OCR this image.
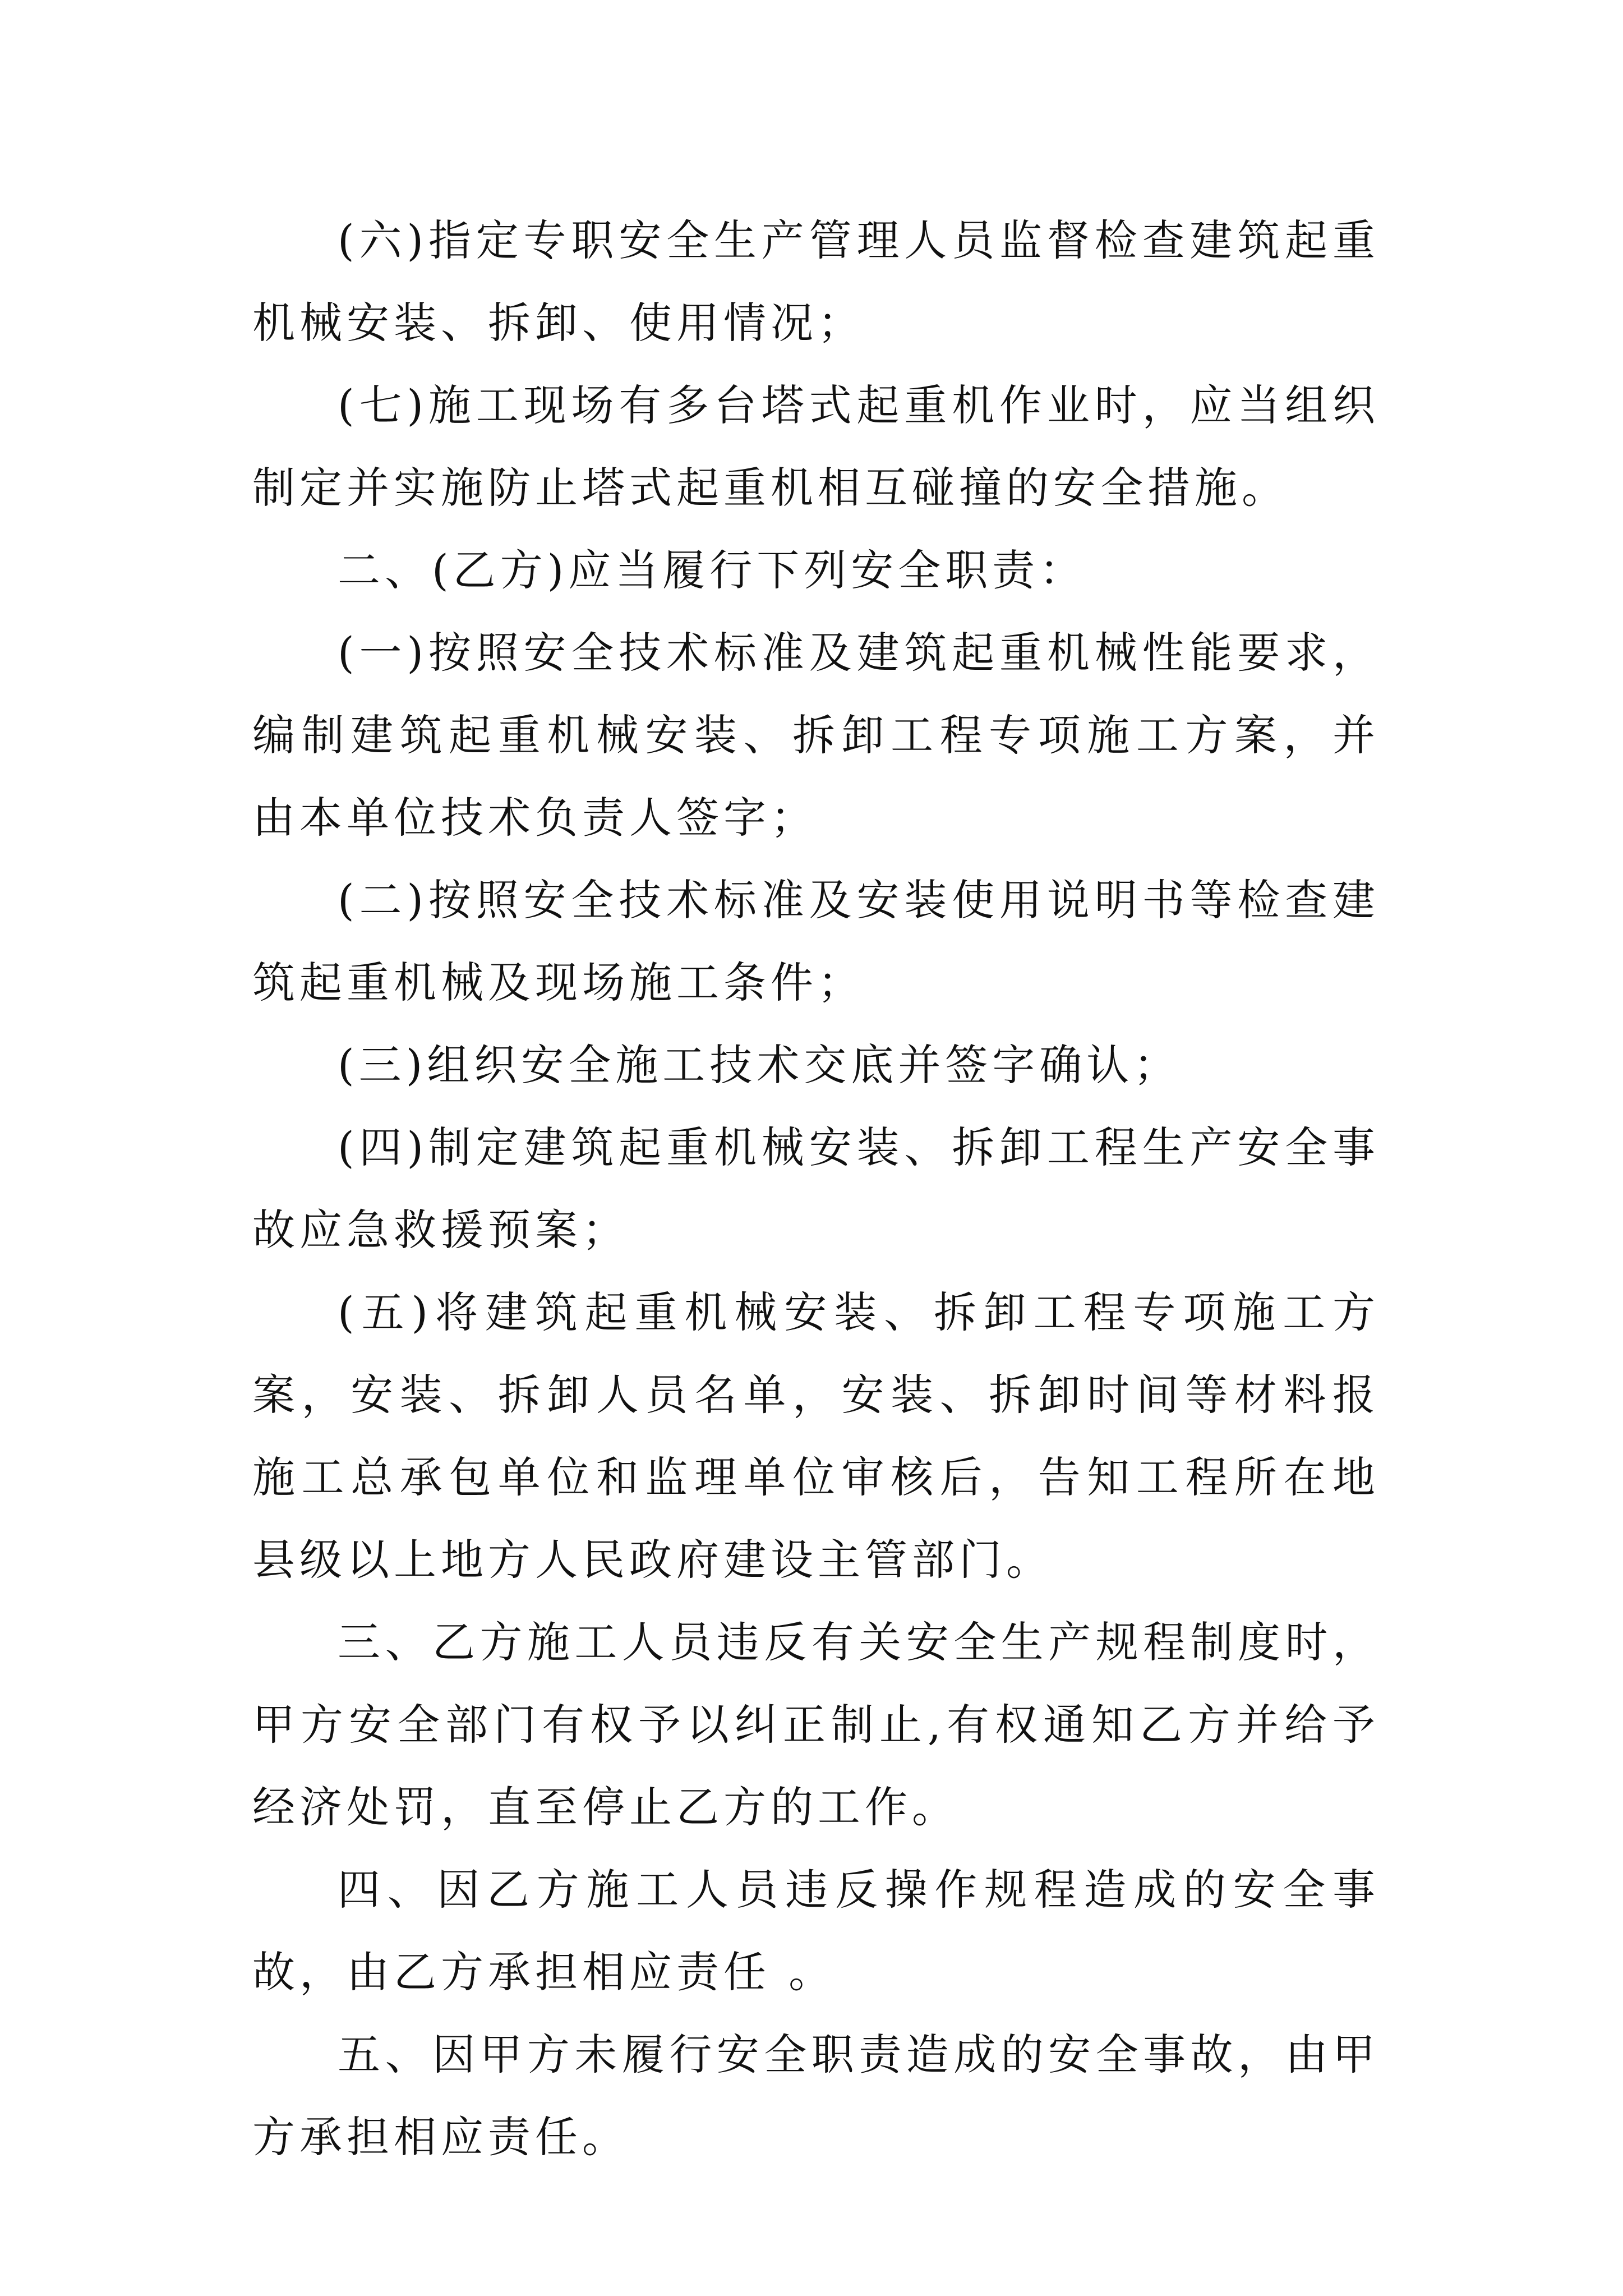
(六)指定专职安全生产管理人员监督检查建筑起重机械安装、拆卸、使用情况；

(七)施工现场有多台塔式起重机作业时，应当组织制定并实施防止塔式起重机相互碰撞的安全措施。

二、(乙方)应当履行下列安全职责：

(一)按照安全技术标准及建筑起重机械性能要求，编制建筑起重机械安装、拆卸工程专项施工方案，并由本单位技术负责人签字；

(二)按照安全技术标准及安装使用说明书等检查建筑起重机械及现场施工条件；

(三)组织安全施工技术交底并签字确认；

(四)制定建筑起重机械安装、拆卸工程生产安全事故应急救援预案；

(五)将建筑起重机械安装、拆卸工程专项施工方案，安装、拆卸人员名单，安装、拆卸时间等材料报施工总承包单位和监理单位审核后，告知工程所在地县级以上地方人民政府建设主管部门。

三、乙方施工人员违反有关安全生产规程制度时，甲方安全部门有权予以纠正制止,有权通知乙方并给予经济处罚，直至停止乙方的工作。

四、因乙方施工人员违反操作规程造成的安全事故，由乙方承担相应责任 。

五、因甲方未履行安全职责造成的安全事故，由甲方承担相应责任。
